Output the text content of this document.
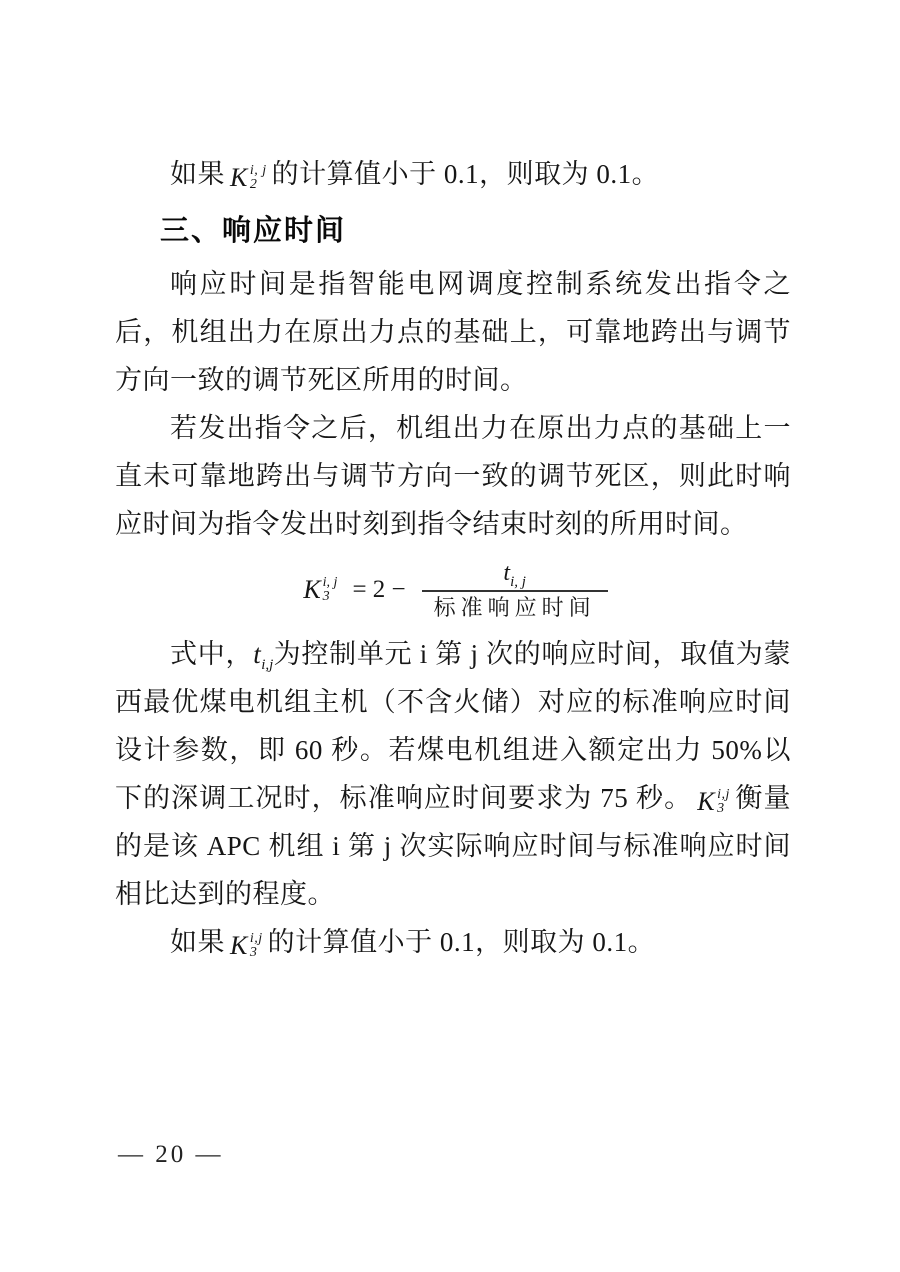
如果 K i, j
2 的计算值小于 0.1，则取为 0.1。

三、响应时间

响应时间是指智能电网调度控制系统发出指令之后，机组出力在原出力点的基础上，可靠地跨出与调节方向一致的调节死区所用的时间。

若发出指令之后，机组出力在原出力点的基础上一直未可靠地跨出与调节方向一致的调节死区，则此时响应时间为指令发出时刻到指令结束时刻的所用时间。

K i, j
$3 = 2 - \frac{t_{i, j}}{\text{标准响应时间}}$

式中，$t_{i,j}$为控制单元 i 第 j 次的响应时间，取值为蒙西最优煤电机组主机（不含火储）对应的标准响应时间设计参数，即 60 秒。若煤电机组进入额定出力 50%以下的深调工况时，标准响应时间要求为 75 秒。 K i,j
3 衡量的是该 APC 机组 i 第 j 次实际响应时间与标准响应时间相比达到的程度。

如果 K i,j
3 的计算值小于 0.1，则取为 0.1。

— 20 —
